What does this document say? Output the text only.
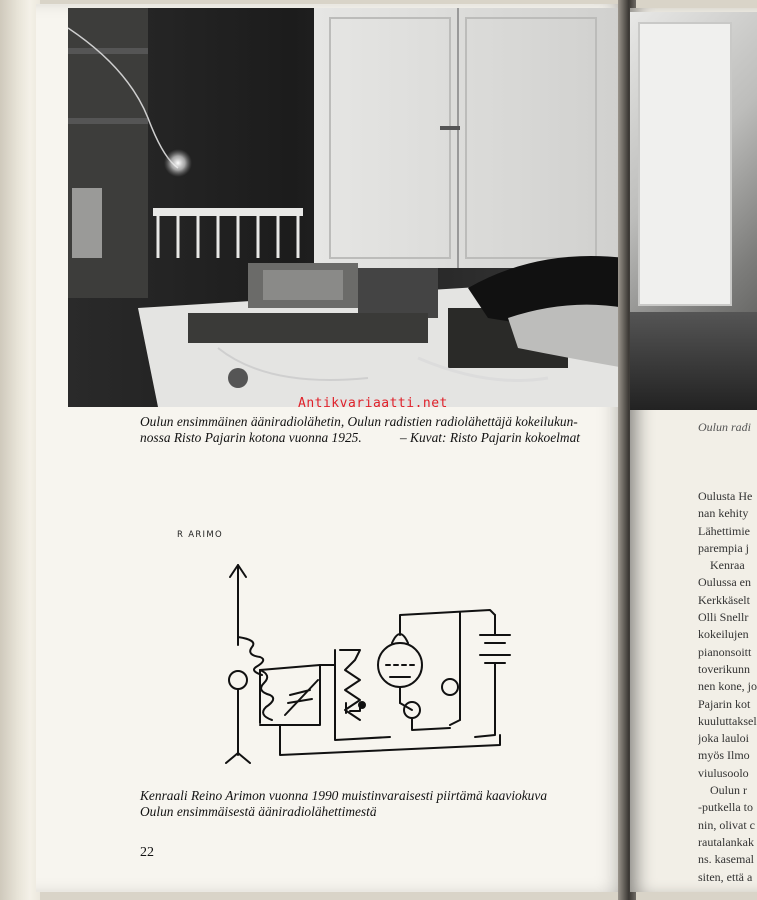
Antikvariaatti.net
Oulun ensimmäinen ääniradiolähetin, Oulun radistien radiolähettäjä kokeilukun-
nossa Risto Pajarin kotona vuonna 1925.	– Kuvat: Risto Pajarin kokoelmat
R ARIMO
Kenraali Reino Arimon vuonna 1990 muistinvaraisesti piirtämä kaaviokuva
Oulun ensimmäisestä ääniradiolähettimestä
22
Oulun radi
Oulusta He
nan kehity
Lähettimie
parempia j
Kenraa
Oulussa en
Kerkkäselt
Olli Snellr
kokeilujen
pianonsoitt
toverikunn
nen kone, jo
Pajarin kot
kuuluttaksel
joka lauloi
myös Ilmo
viulusoolo
Oulun r
-putkella to
nin, olivat c
rautalankak
ns. kasemal
siten, että a
